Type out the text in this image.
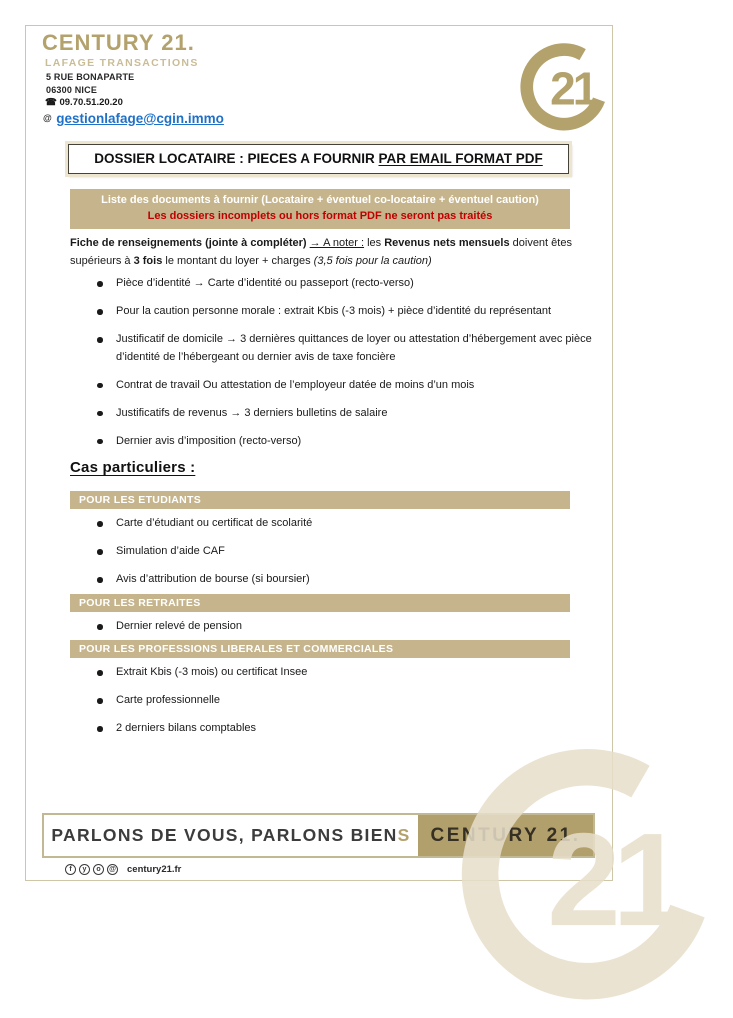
CENTURY 21.
LAFAGE TRANSACTIONS
5 RUE BONAPARTE
06300 NICE
☎ 09.70.51.20.20
@ gestionlafage@cgin.immo
21
DOSSIER LOCATAIRE : PIECES A FOURNIR PAR EMAIL FORMAT PDF
Liste des documents à fournir (Locataire + éventuel co-locataire + éventuel caution)
Les dossiers incomplets ou hors format PDF ne seront pas traités
Fiche de renseignements (jointe à compléter) → A noter : les Revenus nets mensuels doivent êtes supérieurs à 3 fois le montant du loyer + charges (3,5 fois pour la caution)
Pièce d’identité → Carte d’identité ou passeport (recto-verso)
Pour la caution personne morale : extrait Kbis (-3 mois) + pièce d’identité du représentant
Justificatif de domicile → 3 dernières quittances de loyer ou attestation d’hébergement avec pièce d’identité de l’hébergeant ou dernier avis de taxe foncière
Contrat de travail Ou attestation de l’employeur datée de moins d’un mois
Justificatifs de revenus → 3 derniers bulletins de salaire
Dernier avis d’imposition (recto-verso)
Cas particuliers :
POUR LES ETUDIANTS
Carte d’étudiant ou certificat de scolarité
Simulation d’aide CAF
Avis d’attribution de bourse (si boursier)
POUR LES RETRAITES
Dernier relevé de pension
POUR LES PROFESSIONS LIBERALES ET COMMERCIALES
Extrait Kbis (-3 mois) ou certificat Insee
Carte professionnelle
2 derniers bilans comptables
PARLONS DE VOUS, PARLONS BIEN S	CENTURY 21.
f	y	o	@ century21.fr	21
